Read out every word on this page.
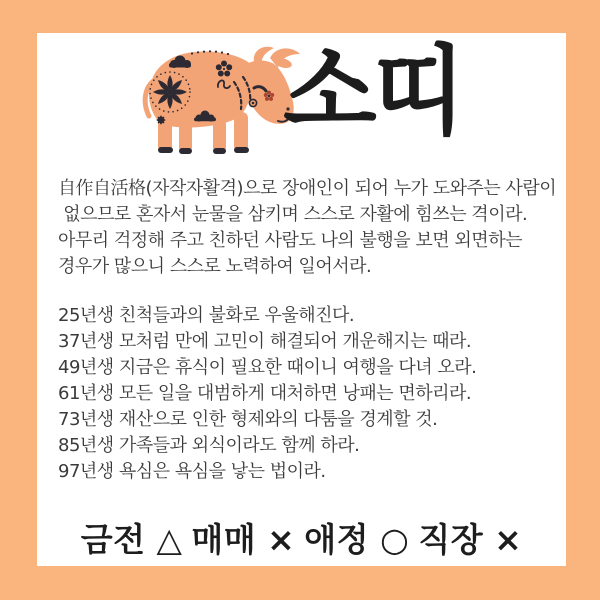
소띠
自作自活格(자작자활격)으로 장애인이 되어 누가 도와주는 사람이
없으므로 혼자서 눈물을 삼키며 스스로 자활에 힘쓰는 격이라.
아무리 걱정해 주고 친하던 사람도 나의 불행을 보면 외면하는
경우가 많으니 스스로 노력하여 일어서라.
25년생 친척들과의 불화로 우울해진다.
37년생 모처럼 만에 고민이 해결되어 개운해지는 때라.
49년생 지금은 휴식이 필요한 때이니 여행을 다녀 오라.
61년생 모든 일을 대범하게 대처하면 낭패는 면하리라.
73년생 재산으로 인한 형제와의 다툼을 경계할 것.
85년생 가족들과 외식이라도 함께 하라.
97년생 욕심은 욕심을 낳는 법이라.
금전 △ 매매 × 애정 ○ 직장 ×
